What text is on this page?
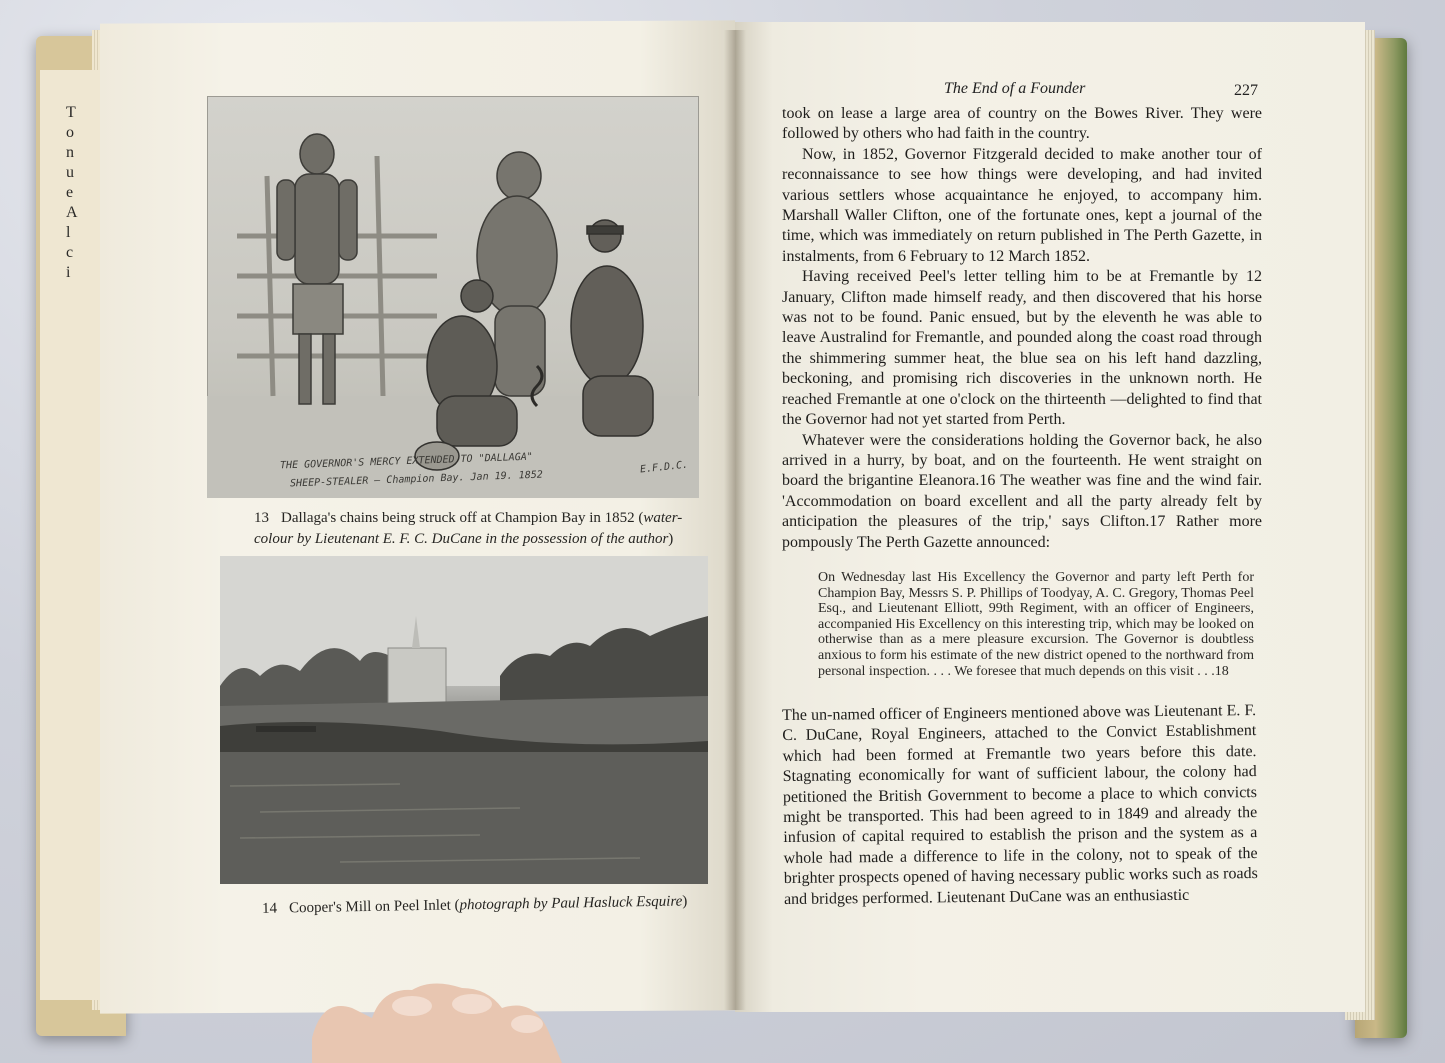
T
o
n
u
e
A
l
c
i
THE GOVERNOR'S MERCY EXTENDED TO "DALLAGA"
SHEEP-STEALER — Champion Bay. Jan 19. 1852
E.F.D.C.
13 Dallaga's chains being struck off at Champion Bay in 1852 (water-
colour by Lieutenant E. F. C. DuCane in the possession of the author)
14 Cooper's Mill on Peel Inlet (photograph by Paul Hasluck Esquire)
The End of a Founder	227

took on lease a large area of country on the Bowes River. They were followed by others who had faith in the country.

Now, in 1852, Governor Fitzgerald decided to make another tour of reconnaissance to see how things were developing, and had invited various settlers whose acquaintance he enjoyed, to accompany him. Marshall Waller Clifton, one of the fortunate ones, kept a journal of the time, which was immediately on return published in The Perth Gazette, in instalments, from 6 February to 12 March 1852.

Having received Peel's letter telling him to be at Fremantle by 12 January, Clifton made himself ready, and then discovered that his horse was not to be found. Panic ensued, but by the eleventh he was able to leave Australind for Fremantle, and pounded along the coast road through the shimmering summer heat, the blue sea on his left hand dazzling, beckoning, and promising rich discoveries in the unknown north. He reached Fremantle at one o'clock on the thirteenth —delighted to find that the Governor had not yet started from Perth.

Whatever were the considerations holding the Governor back, he also arrived in a hurry, by boat, and on the fourteenth. He went straight on board the brigantine Eleanora.16 The weather was fine and the wind fair. 'Accommodation on board excellent and all the party already felt by anticipation the pleasures of the trip,' says Clifton.17 Rather more pompously The Perth Gazette announced:

On Wednesday last His Excellency the Governor and party left Perth for Champion Bay, Messrs S. P. Phillips of Toodyay, A. C. Gregory, Thomas Peel Esq., and Lieutenant Elliott, 99th Regiment, with an officer of Engineers, accompanied His Excellency on this interesting trip, which may be looked on otherwise than as a mere pleasure excursion. The Governor is doubtless anxious to form his estimate of the new district opened to the northward from personal inspection. . . . We foresee that much depends on this visit . . .18
The un-named officer of Engineers mentioned above was Lieutenant E. F. C. DuCane, Royal Engineers, attached to the Convict Establishment which had been formed at Fremantle two years before this date. Stagnating economically for want of sufficient labour, the colony had petitioned the British Government to become a place to which convicts might be transported. This had been agreed to in 1849 and already the infusion of capital required to establish the prison and the system as a whole had made a difference to life in the colony, not to speak of the brighter prospects opened of having necessary public works such as roads and bridges performed. Lieutenant DuCane was an enthusiastic
